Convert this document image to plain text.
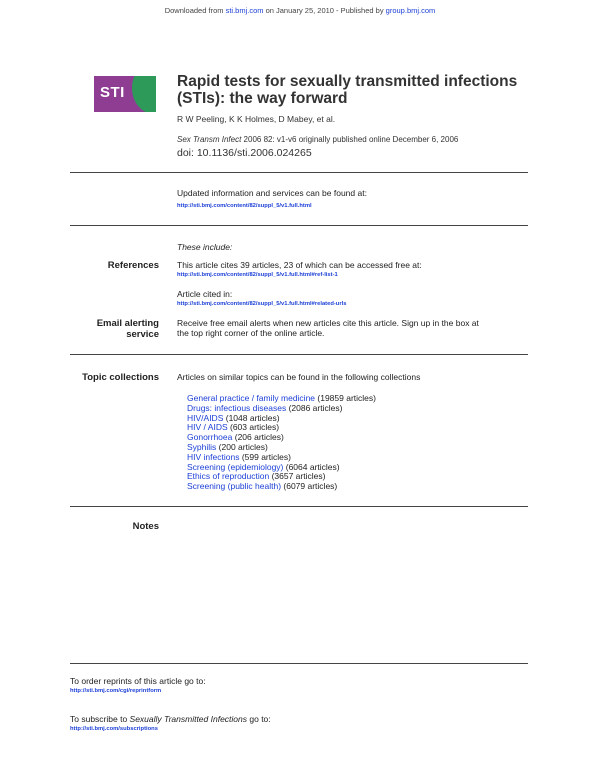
Downloaded from sti.bmj.com on January 25, 2010 - Published by group.bmj.com
STI
Rapid tests for sexually transmitted infections
(STIs): the way forward
R W Peeling, K K Holmes, D Mabey, et al.
Sex Transm Infect 2006 82: v1-v6 originally published online December 6, 2006
doi: 10.1136/sti.2006.024265
Updated information and services can be found at:
http://sti.bmj.com/content/82/suppl_5/v1.full.html
These include:
References This article cites 39 articles, 23 of which can be accessed free at:
http://sti.bmj.com/content/82/suppl_5/v1.full.html#ref-list-1
Article cited in:
http://sti.bmj.com/content/82/suppl_5/v1.full.html#related-urls
Email alerting
service
Receive free email alerts when new articles cite this article. Sign up in the box at
the top right corner of the online article.
Topic collections Articles on similar topics can be found in the following collections
General practice / family medicine (19859 articles)
Drugs: infectious diseases (2086 articles)
HIV/AIDS (1048 articles)
HIV / AIDS (603 articles)
Gonorrhoea (206 articles)
Syphilis (200 articles)
HIV infections (599 articles)
Screening (epidemiology) (6064 articles)
Ethics of reproduction (3657 articles)
Screening (public health) (6079 articles)
Notes
To order reprints of this article go to:
http://sti.bmj.com/cgi/reprintform
To subscribe to Sexually Transmitted Infections go to:
http://sti.bmj.com/subscriptions
